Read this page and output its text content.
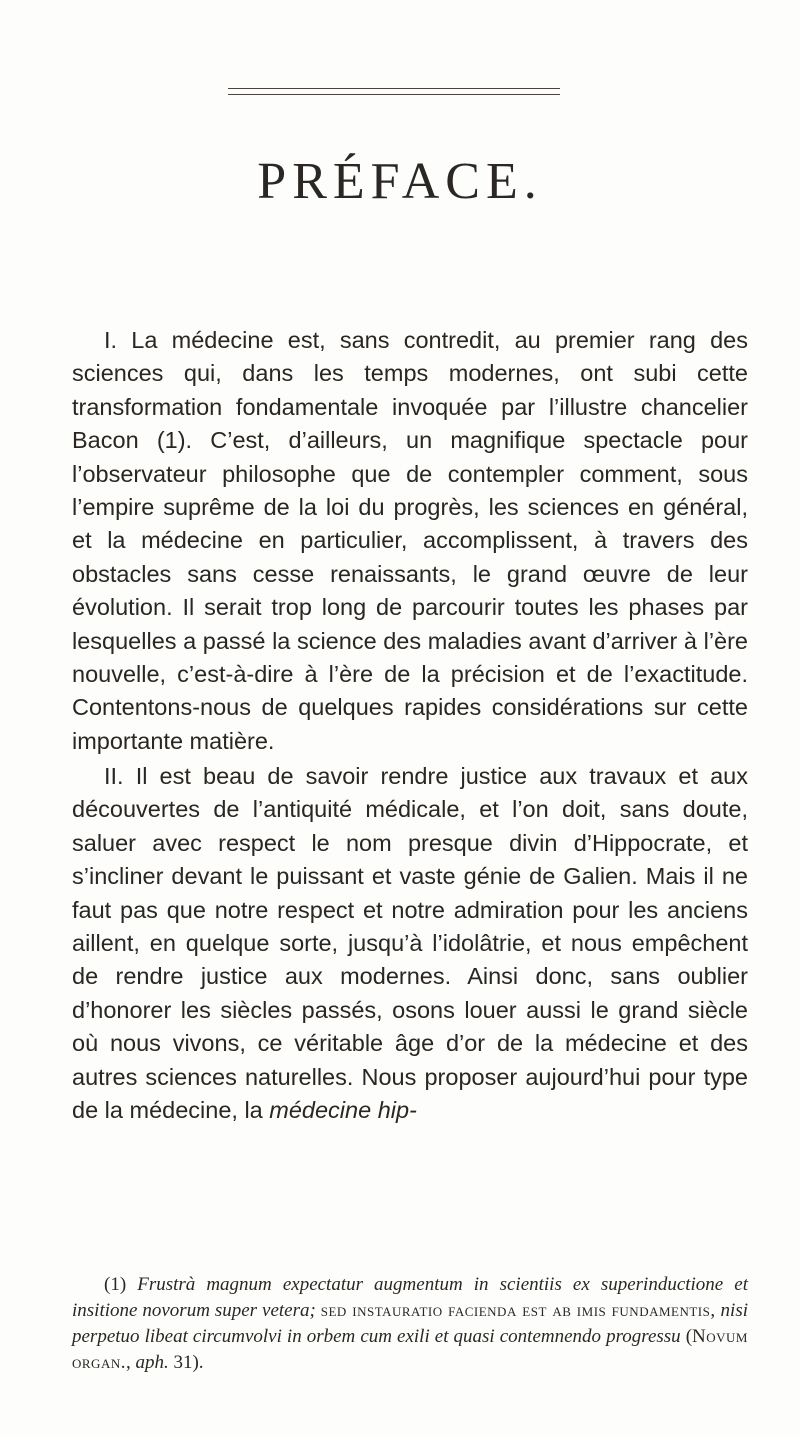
PRÉFACE.

I. La médecine est, sans contredit, au premier rang des sciences qui, dans les temps modernes, ont subi cette transformation fondamentale invoquée par l’illustre chancelier Bacon (1). C’est, d’ailleurs, un magnifique spectacle pour l’observateur philosophe que de contempler comment, sous l’empire suprême de la loi du progrès, les sciences en général, et la médecine en particulier, accomplissent, à travers des obstacles sans cesse renaissants, le grand œuvre de leur évolution. Il serait trop long de parcourir toutes les phases par lesquelles a passé la science des maladies avant d’arriver à l’ère nouvelle, c’est-à-dire à l’ère de la précision et de l’exactitude. Contentons-nous de quelques rapides considérations sur cette importante matière.

II. Il est beau de savoir rendre justice aux travaux et aux découvertes de l’antiquité médicale, et l’on doit, sans doute, saluer avec respect le nom presque divin d’Hippocrate, et s’incliner devant le puissant et vaste génie de Galien. Mais il ne faut pas que notre respect et notre admiration pour les anciens aillent, en quelque sorte, jusqu’à l’idolâtrie, et nous empêchent de rendre justice aux modernes. Ainsi donc, sans oublier d’honorer les siècles passés, osons louer aussi le grand siècle où nous vivons, ce véritable âge d’or de la médecine et des autres sciences naturelles. Nous proposer aujourd’hui pour type de la médecine, la médecine hip-

(1) Frustrà magnum expectatur augmentum in scientiis ex superinductione et insitione novorum super vetera; sed instauratio facienda est ab imis fundamentis, nisi perpetuo libeat circumvolvi in orbem cum exili et quasi contemnendo progressu (Novum organ., aph. 31).
